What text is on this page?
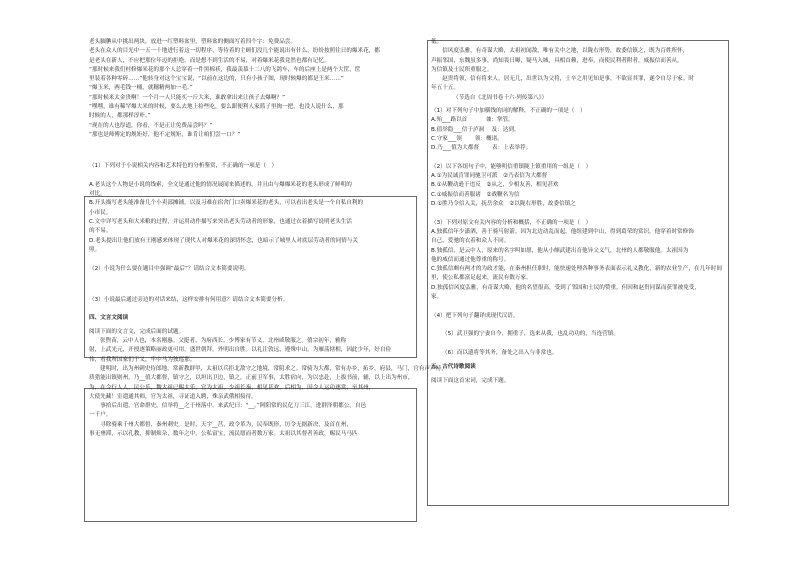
老头腼腆从中挑出两块，放进一红塑料盆里，塑料盆的侧面写着四个字：免费品尝。

老头在众人的目光中一五一十地进行着这一切程序，等待着的主顾们没几个能说出有什么，纷纷按照往日的爆米花，都

是老头在新人，不应把那位年迈的拒绝，而是想不到生活的不易，对着爆米花我竟然也都有记忆。

“那时候来我们村修爆米花的那个人总穿着一件黑棉袄，我最羡慕十二八的飞鸽车，车的后座上是两个大筐，筐

里装着各种零碎……”他转身对这个宝宝说，“以前在这边的，只有小孩子图，现时候爆的都是王米……”

“爆玉米，两毛钱一桶，就穗精两加一毛。”

“那时候米太金贵啊！一个月一人只能买一斤大米，谁敢拿出来让孩子去爆啊？”

“嘿嘿，谁有稀罕爆大米的时候，要么去地上捡些吃，要么跟便利人家篮子里掏一把，也没人说什么，那

时候的人，都那样淳朴。”

“现在的人也厚道，你看，不是正让免费品尝吗？”

“那也是师傅定的规矩好，他不定规矩，谁肯让咱们尝一口？”

（1）下列对于小说相关内容和艺术特色的分析鉴赏，不正确的一项是（　）

A.老头这个人物是小说的线索，全文是通过他的情况展闻来描述的，并且由与爆爆米花的老头形成了鲜明的

对比。

B.开头描写老头能准备几个小卖部摊铺，以及习难在宿舍门口卖爆米花的老头，可以看出老头是一个自私自利的

小市民。

C.文中详写老头和大米粮的过程，并运用动作描写来突出老头劳动者的形象，也通过衣着描写说明老头生活

的不易。

D.老头提出让他们放有王刚感来体现了现代人对爆米花的深切怀念，也暗示了城里人对底层劳动者的同情与关

照。

（2）小说为什么要在题目中强调“最后”？请结合文本简要说明。

（3）小说最后通过旁边的对话来结，这样安排有何用意？请结合文本简要分析。

四、文言文阅读

阅读下面的文言文，完成后面的试题。

张煦苗，云中人也，本名刚惠。父挺者，为府西长，少博家有节义，北州咸敬服之。僖宗初年，雅称

射，上武光元，开授逐策略丽政更可用，盛世朝拜，外明出自胜。以礼注敦远，遵殊中山，为雁荡辖相，因此少年，好自俭

伟，看我所国家们于义，牢中马为独巡那。

建明时，出为州刺史侍郎地，常新教群甲，太祖以兵拒北敌守之地境，常阴求之。常骑为大都，常有办乡，拓乡，府县，马门，官有声声特，

质猎能出镇则州，乃__值大都督，镇守之，以坦出卫边，镇之，正前卫军事，太胜宿向，为以忠赴，上拔书前，辅，以上出为州市，

为，在令行人人，民公乐，魏太祖已赐太乐，官为太祖，少祖长秦，相见甚欢，后相为，因令人运功逐赏，至其州，

大使先藏！室遣通其师，官为太祖，寻证道入聘，殊亲武俄相接待。

　　事拾后出遣，官命群史，信举将__之于州落中。来武纪曰：“__。”阿阳常的民亿刀三江，进群泽朝都公，自邑

一千户。

　　寻除骑乘千州大都督，秦州刺史。是时，天宇__莒，政令革为，民奉既形，厉令无据新决，及首在州，

事无壅滞，示以孔教，抑制烦杂，数年之中，公私富宝，流民愿而者数万家。太祖以其督者善政，赐民马马匹

低。

　　信风度弘雅，有奇谋大略，太祖初闻敌，唯有关中之地，以陇右形势，故委信镇之，既为百姓所怀，

声振邻国，东魏虽多事，尚知畏日曝，疑马入城，具相首赖，进奉，而使民利者附者，威振信而善从。

为信镇及士民所重服之。

　　赵贵将领，信有将来人，居无几，出世以为父将，士卒之用见知是事，不欲显其罪，遂令自尽于家。时

年五十五。

（节选自《北周书卷十六·列传第八》）

（1）对下列句子中加横线的词的解释，不正确的一项是（　）

A.殆___路以首　　　 兼：掌管。

B.值举隐___信于泸洞　 及：达到。

C.守家___领　　 领：概诸。

D.乃___值为大都督　　 表：上表举荐。

（2）以下各组句子中，能够明信重镇陇上镇重用的一组是（　）

A.①为民诚肯罪同驰卫可派　②乃表信为大都督

B.①从鞭动逊于违反　②从之，少相友善，相见甚欢

C.①威振信而善服诸　②战鞭名为信

D.①胜乃令信入关，抚岳余众　②以陇右形胜，故委信镇之

（3）下列对原文有关内容的分析和概括，不正确的一项是（　）

A.独孤信年少潇洒，善于骑马射箭。因为北边动乱而起，他组建到中山，得到葛荣的赏识，他穿着时常修饰

自己，爱驰的衣着和众人不同。

B.独孤信，是云中人，原来的名字叫如愿，他从小颇武建出育他异父义气，北州的人都敬服他。太祖因为

他的威信而通过他尊重的称号。

C.独孤信颇有两才的为政才能，在秦州担任职时，能快速处理各种事务表面表示礼义教化，新的农业生产，在几年时间

里，使公私都富足起来，流民有数万家。

D.独孤信风度弘雅，有奇谋大略，他的名望很高，受到了邻国和士民的赞重，但因和赵贵同谋而获罪被免受，

家。

（4）把下列句子翻译成现代汉语。

（5）武卫强的宁妻自今，拥重子，选来从我，也乱功功的，当连营镇。

（6）而以遗将等其务，备处之出入与非常也。

五、古代诗歌阅读

阅读下面这首宋词，完成下题。
